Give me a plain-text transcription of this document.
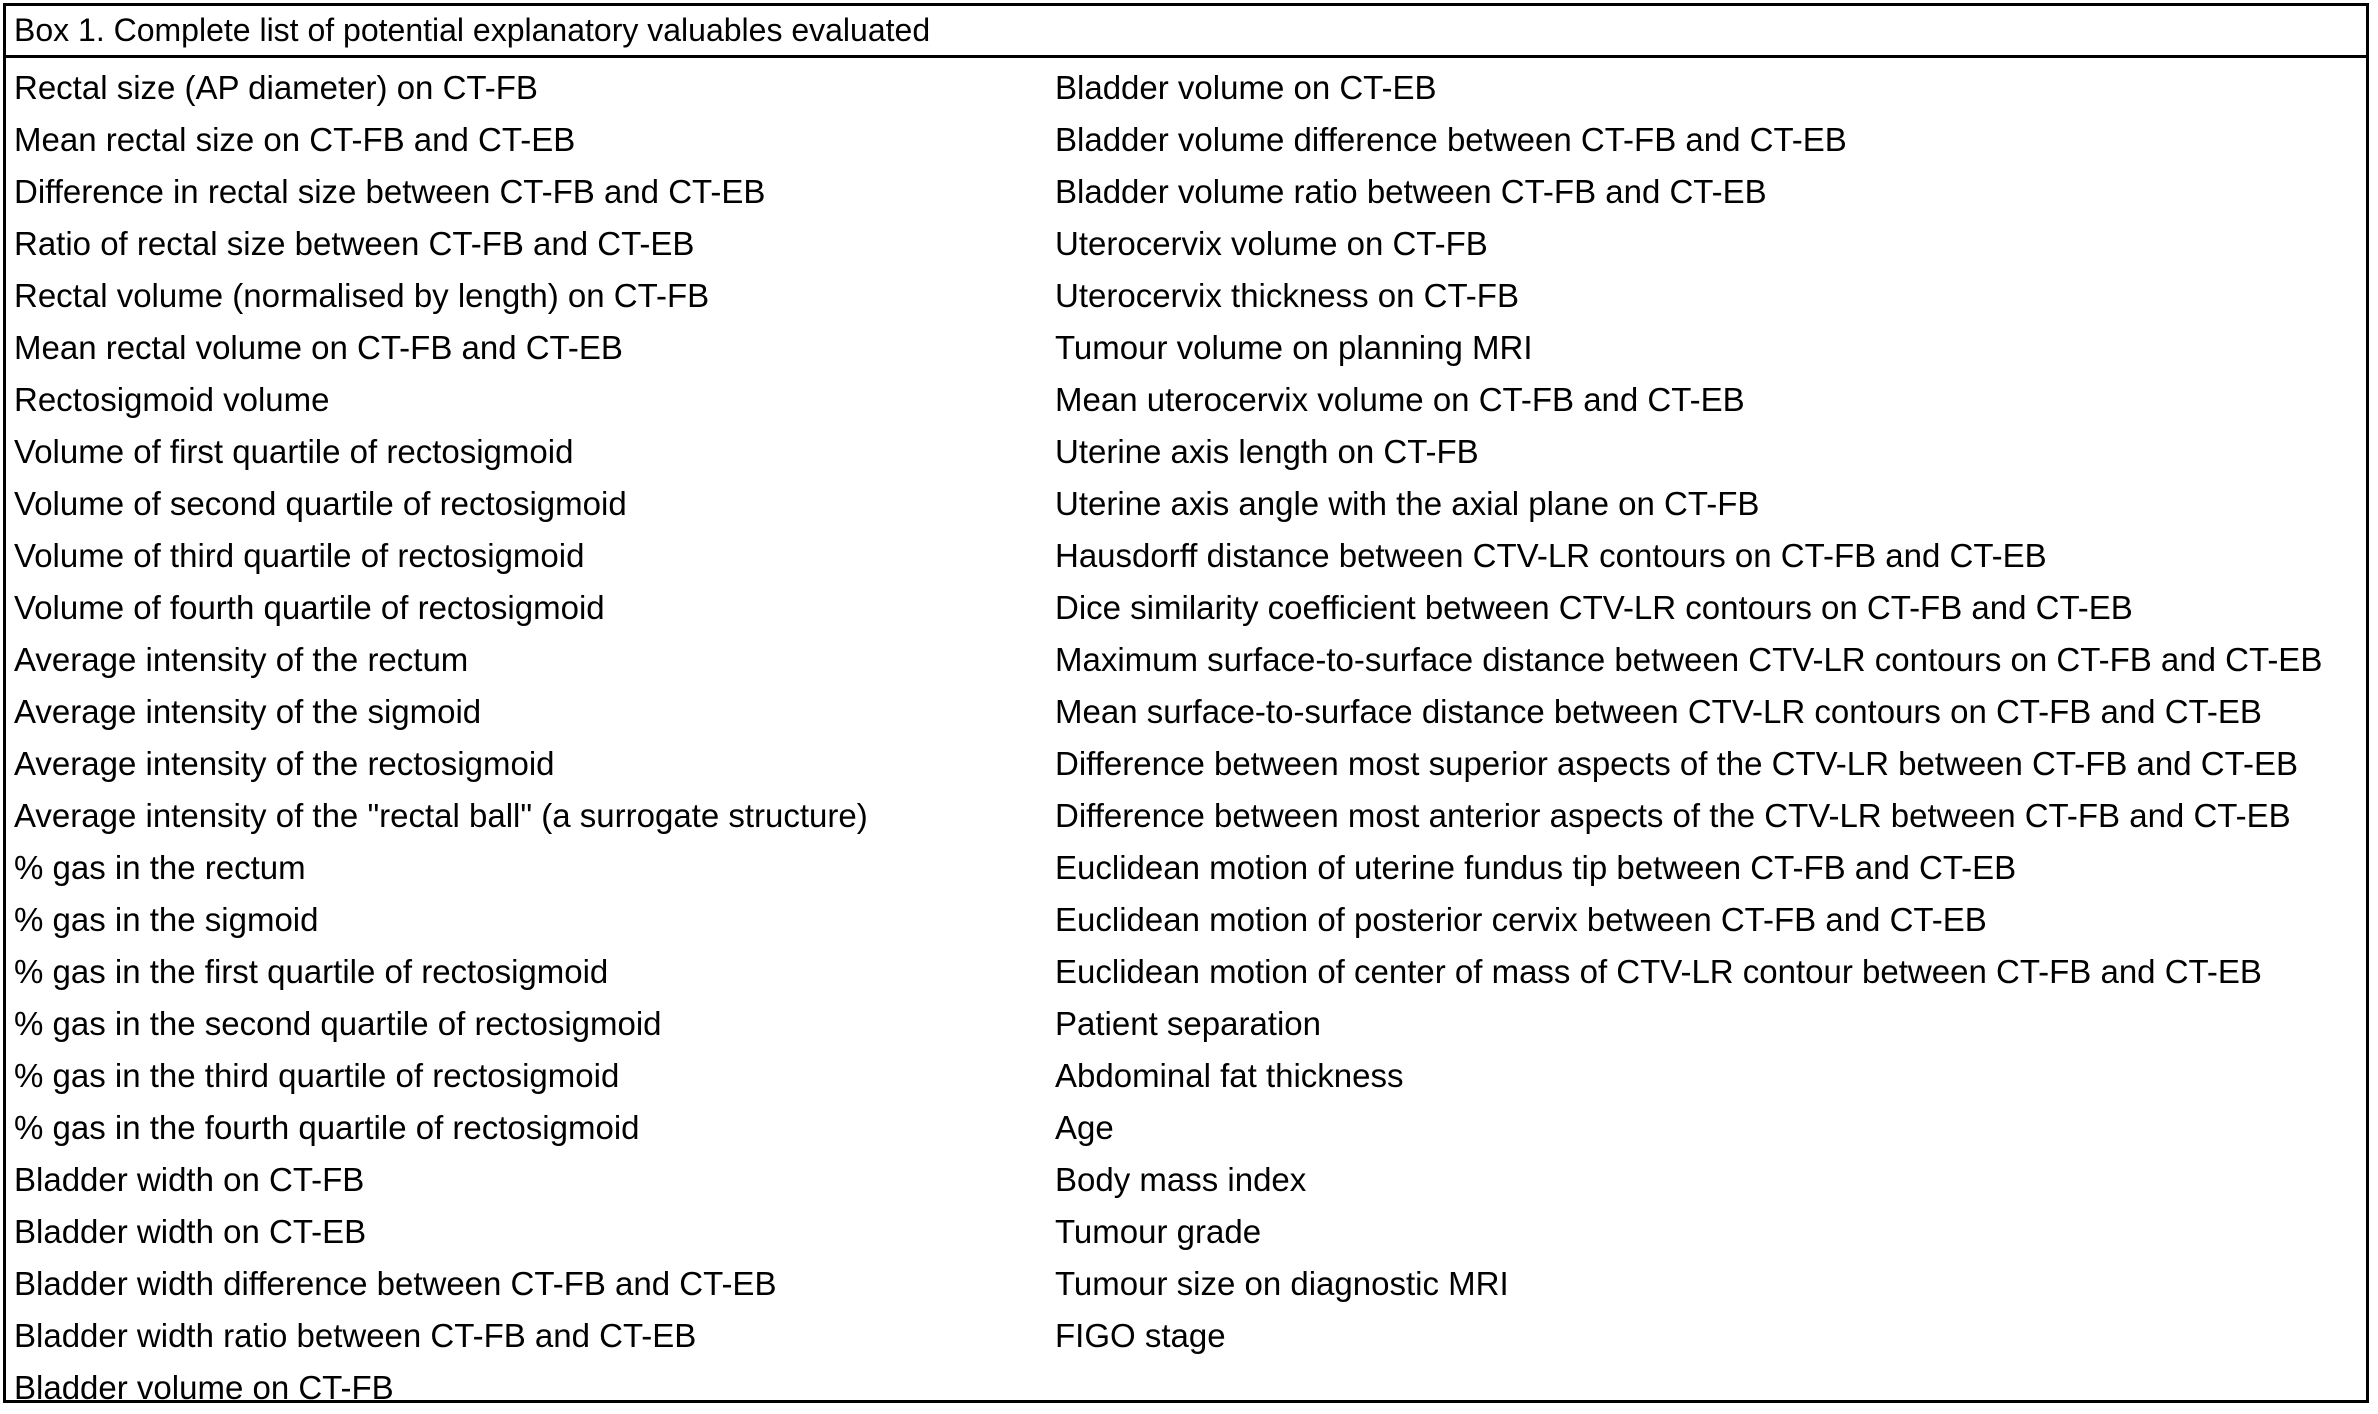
Box 1. Complete list of potential explanatory valuables evaluated
Rectal size (AP diameter) on CT-FB
Mean rectal size on CT-FB and CT-EB
Difference in rectal size between CT-FB and CT-EB
Ratio of rectal size between CT-FB and CT-EB
Rectal volume (normalised by length) on CT-FB
Mean rectal volume on CT-FB and CT-EB
Rectosigmoid volume
Volume of first quartile of rectosigmoid
Volume of second quartile of rectosigmoid
Volume of third quartile of rectosigmoid
Volume of fourth quartile of rectosigmoid
Average intensity of the rectum
Average intensity of the sigmoid
Average intensity of the rectosigmoid
Average intensity of the "rectal ball" (a surrogate structure)
% gas in the rectum
% gas in the sigmoid
% gas in the first quartile of rectosigmoid
% gas in the second quartile of rectosigmoid
% gas in the third quartile of rectosigmoid
% gas in the fourth quartile of rectosigmoid
Bladder width on CT-FB
Bladder width on CT-EB
Bladder width difference between CT-FB and CT-EB
Bladder width ratio between CT-FB and CT-EB
Bladder volume on CT-FB
Bladder volume on CT-EB
Bladder volume difference between CT-FB and CT-EB
Bladder volume ratio between CT-FB and CT-EB
Uterocervix volume on CT-FB
Uterocervix thickness on CT-FB
Tumour volume on planning MRI
Mean uterocervix volume on CT-FB and CT-EB
Uterine axis length on CT-FB
Uterine axis angle with the axial plane on CT-FB
Hausdorff distance between CTV-LR contours on CT-FB and CT-EB
Dice similarity coefficient between CTV-LR contours on CT-FB and CT-EB
Maximum surface-to-surface distance between CTV-LR contours on CT-FB and CT-EB
Mean surface-to-surface distance between CTV-LR contours on CT-FB and CT-EB
Difference between most superior aspects of the CTV-LR between CT-FB and CT-EB
Difference between most anterior aspects of the CTV-LR between CT-FB and CT-EB
Euclidean motion of uterine fundus tip between CT-FB and CT-EB
Euclidean motion of posterior cervix between CT-FB and CT-EB
Euclidean motion of center of mass of CTV-LR contour between CT-FB and CT-EB
Patient separation
Abdominal fat thickness
Age
Body mass index
Tumour grade
Tumour size on diagnostic MRI
FIGO stage
